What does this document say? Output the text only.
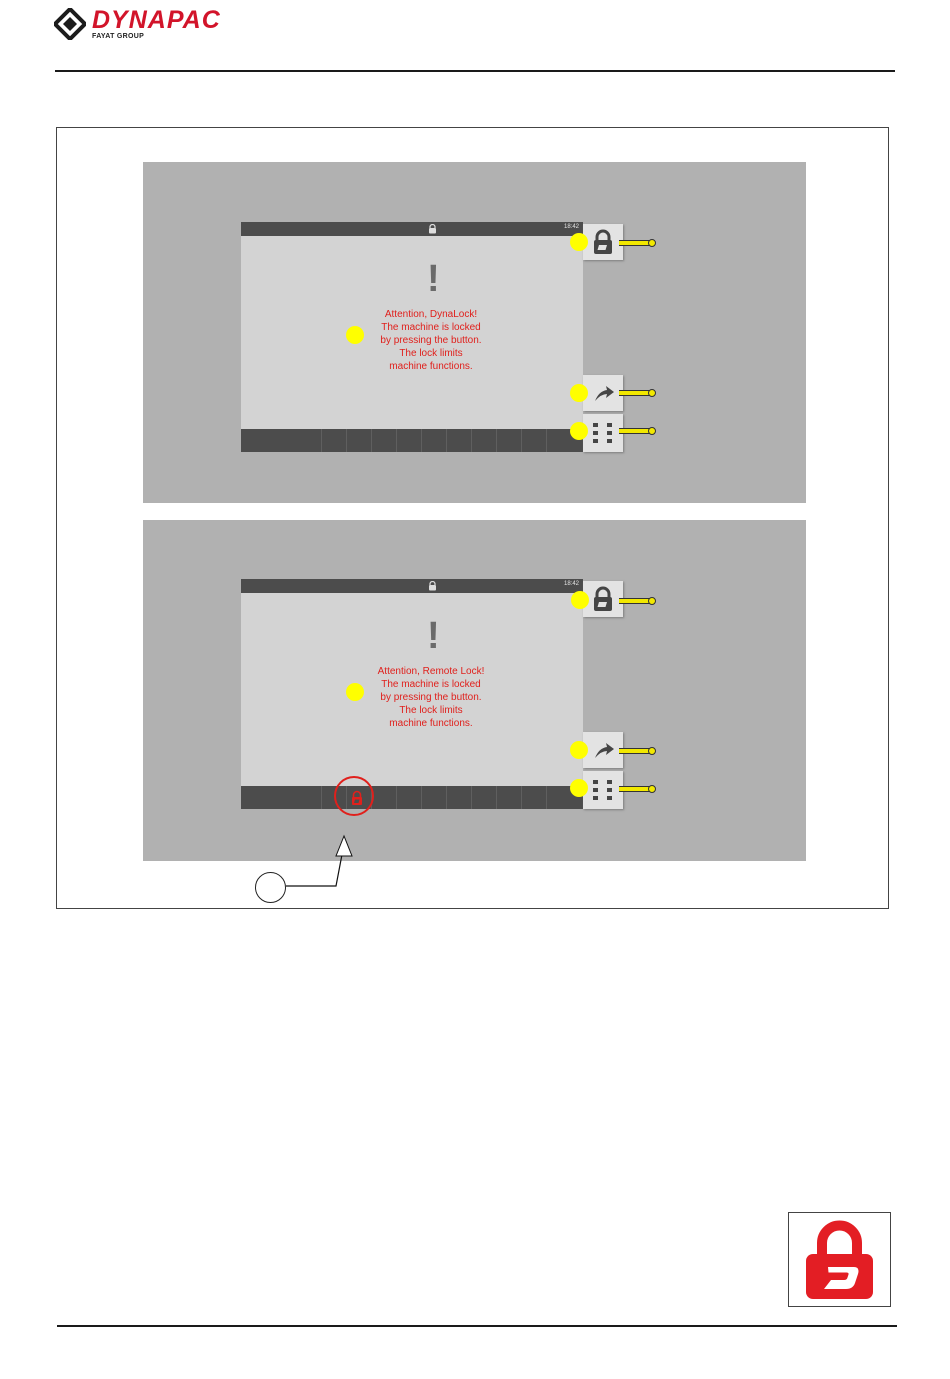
DYNAPAC
FAYAT GROUP
18:42
!
Attention, DynaLock!
The machine is locked
by pressing the button.
The lock limits
machine functions.
18:42
!
Attention, Remote Lock!
The machine is locked
by pressing the button.
The lock limits
machine functions.
